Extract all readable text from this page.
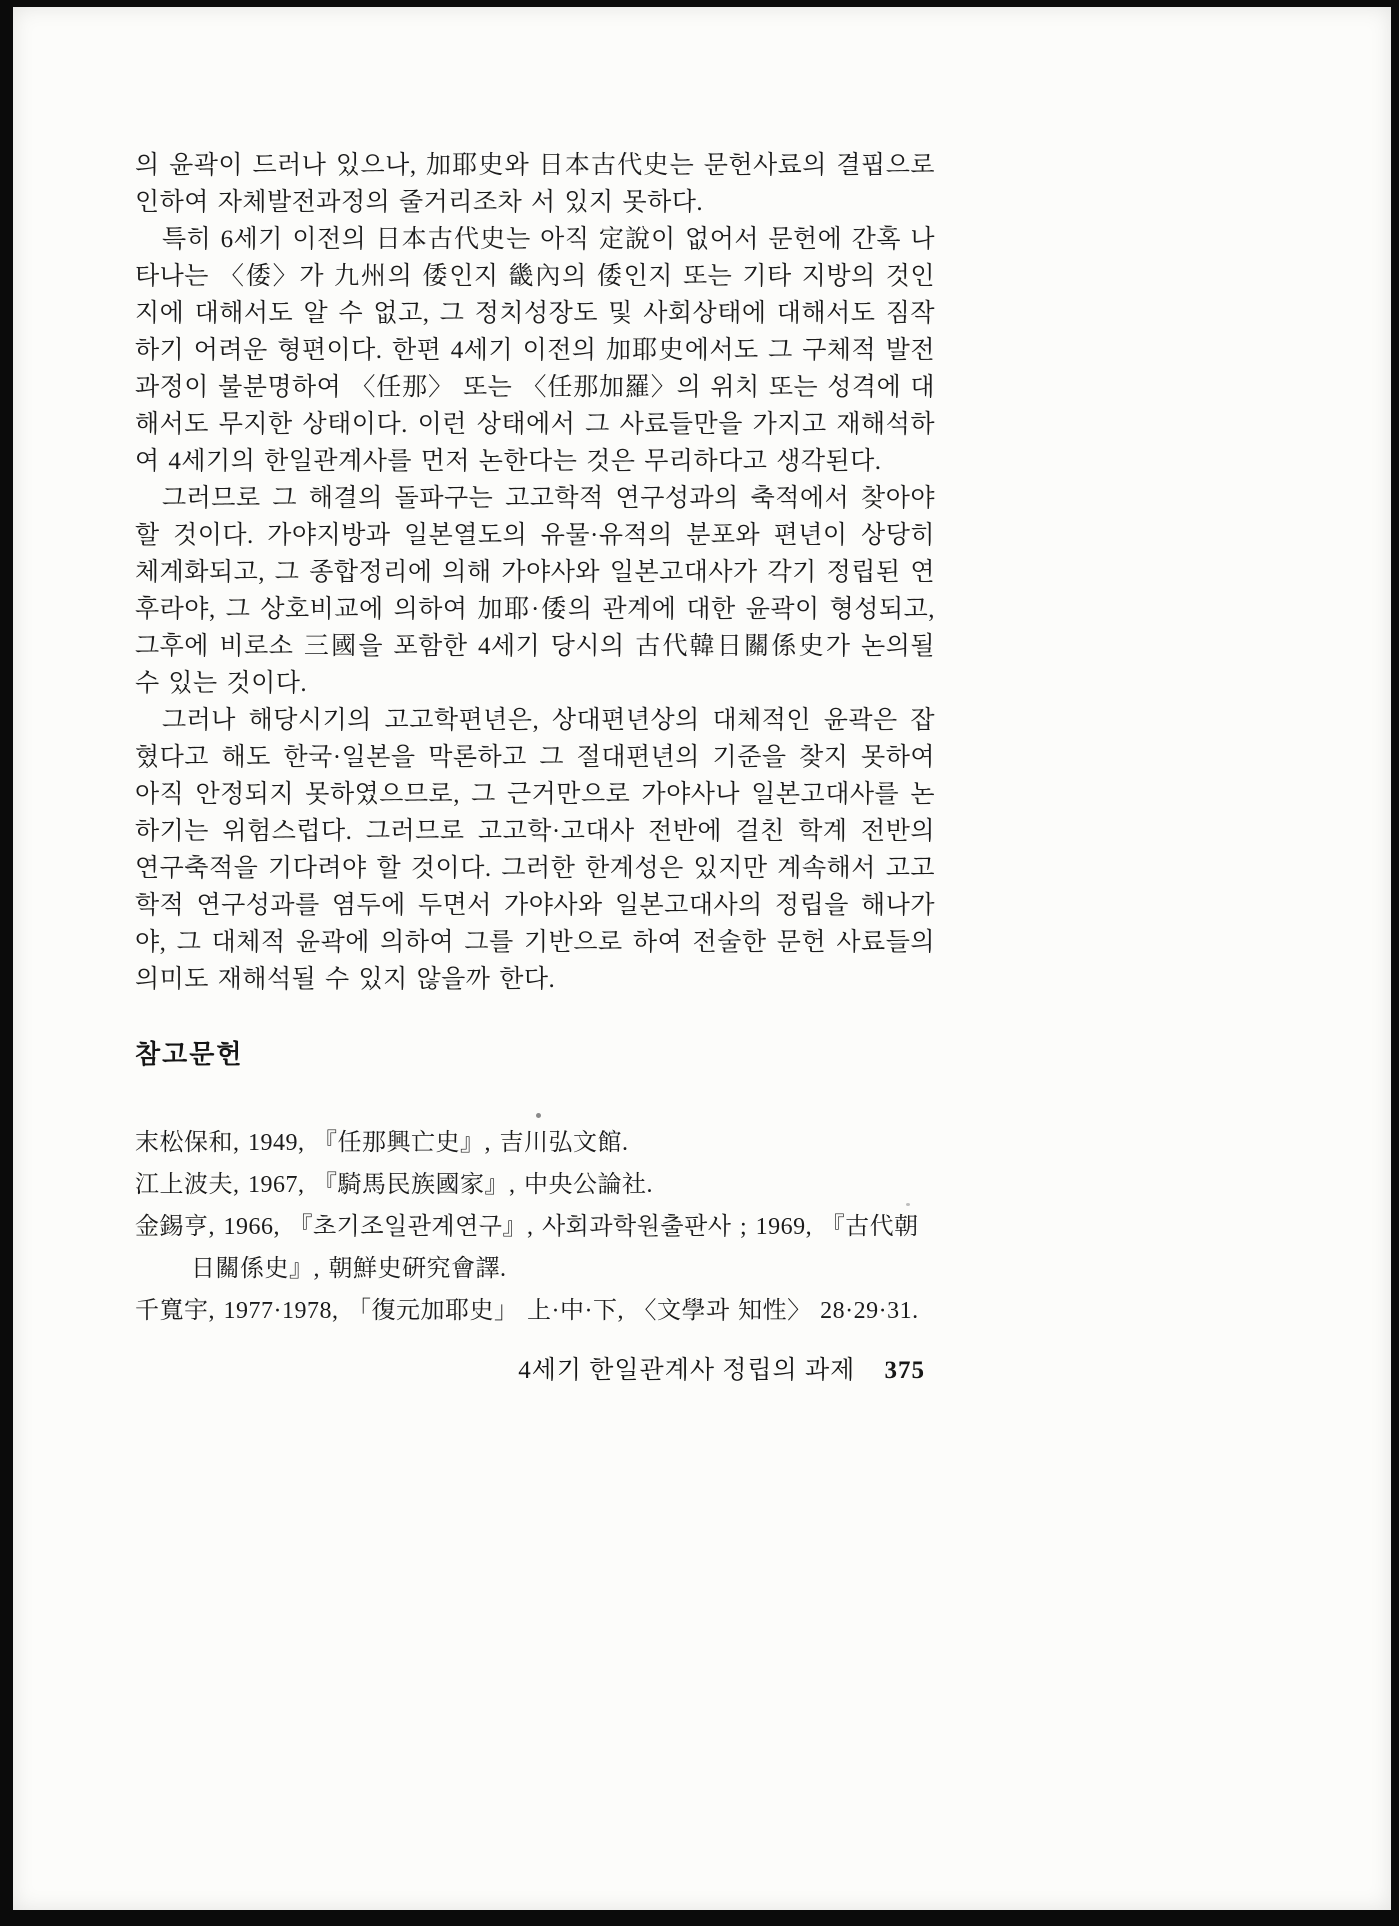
의 윤곽이 드러나 있으나, 加耶史와 日本古代史는 문헌사료의 결핍으로 인하여 자체발전과정의 줄거리조차 서 있지 못하다.

특히 6세기 이전의 日本古代史는 아직 定說이 없어서 문헌에 간혹 나타나는 〈倭〉가 九州의 倭인지 畿內의 倭인지 또는 기타 지방의 것인지에 대해서도 알 수 없고, 그 정치성장도 및 사회상태에 대해서도 짐작하기 어려운 형편이다. 한편 4세기 이전의 加耶史에서도 그 구체적 발전과정이 불분명하여 〈任那〉 또는 〈任那加羅〉의 위치 또는 성격에 대해서도 무지한 상태이다. 이런 상태에서 그 사료들만을 가지고 재해석하여 4세기의 한일관계사를 먼저 논한다는 것은 무리하다고 생각된다.

그러므로 그 해결의 돌파구는 고고학적 연구성과의 축적에서 찾아야 할 것이다. 가야지방과 일본열도의 유물·유적의 분포와 편년이 상당히 체계화되고, 그 종합정리에 의해 가야사와 일본고대사가 각기 정립된 연후라야, 그 상호비교에 의하여 加耶·倭의 관계에 대한 윤곽이 형성되고, 그후에 비로소 三國을 포함한 4세기 당시의 古代韓日關係史가 논의될 수 있는 것이다.

그러나 해당시기의 고고학편년은, 상대편년상의 대체적인 윤곽은 잡혔다고 해도 한국·일본을 막론하고 그 절대편년의 기준을 찾지 못하여 아직 안정되지 못하였으므로, 그 근거만으로 가야사나 일본고대사를 논하기는 위험스럽다. 그러므로 고고학·고대사 전반에 걸친 학계 전반의 연구축적을 기다려야 할 것이다. 그러한 한계성은 있지만 계속해서 고고학적 연구성과를 염두에 두면서 가야사와 일본고대사의 정립을 해나가야, 그 대체적 윤곽에 의하여 그를 기반으로 하여 전술한 문헌 사료들의 의미도 재해석될 수 있지 않을까 한다.

참고문헌

末松保和, 1949, 『任那興亡史』, 吉川弘文館.

江上波夫, 1967, 『騎馬民族國家』, 中央公論社.

金錫亨, 1966, 『초기조일관계연구』, 사회과학원출판사 ; 1969, 『古代朝日關係史』, 朝鮮史硏究會譯.

千寬宇, 1977·1978, 「復元加耶史」 上·中·下, 〈文學과 知性〉 28·29·31.

4세기 한일관계사 정립의 과제 375
